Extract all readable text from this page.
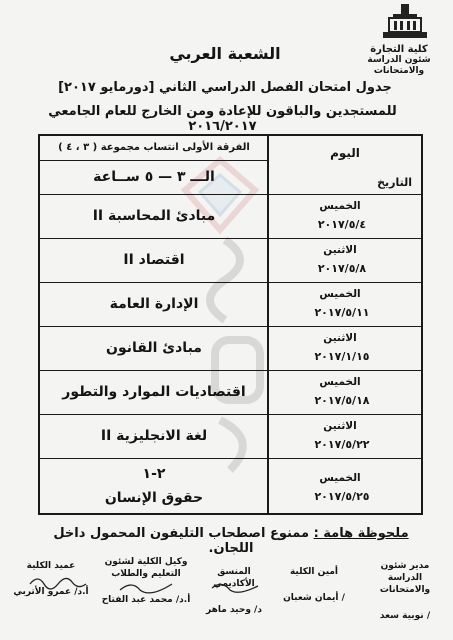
كلية التجارة
شئون الدراسة والامتحانات
الشعبة العربي
جدول امتحان الفصل الدراسي الثاني [دورمايو ٢٠١٧]
للمستجدين والباقون للإعادة ومن الخارج للعام الجامعي ٢٠١٦/٢٠١٧
اليوم
التاريخ
الفرقة الأولى انتساب مجموعة ( ٣ ، ٤ )
الـــ ٣ — ٥ ســاعة
الخميس
٢٠١٧/٥/٤
مبادئ المحاسبة II
الاثنين
٢٠١٧/٥/٨
اقتصاد II
الخميس
٢٠١٧/٥/١١
الإدارة العامة
الاثنين
٢٠١٧/١/١٥
مبادئ القانون
الخميس
٢٠١٧/٥/١٨
اقتصاديات الموارد والتطور
الاثنين
٢٠١٧/٥/٢٢
لغة الانجليزية II
الخميس
٢٠١٧/٥/٢٥
٢-١
حقوق الإنسان
ملحوظة هامة : ممنوع اصطحاب التليفون المحمول داخل اللجان.
مدير شئون الدراسة والامتحانات
/ نوبية سعد
أمين الكلية
/ أيمان شعبان
المنسق الأكاديمي
د/ وحيد ماهر
وكيل الكلية لشئون التعليم والطلاب
أ.د/ محمد عبد الفتاح
عميد الكلية
أ.د/ عمرو الأتربي
